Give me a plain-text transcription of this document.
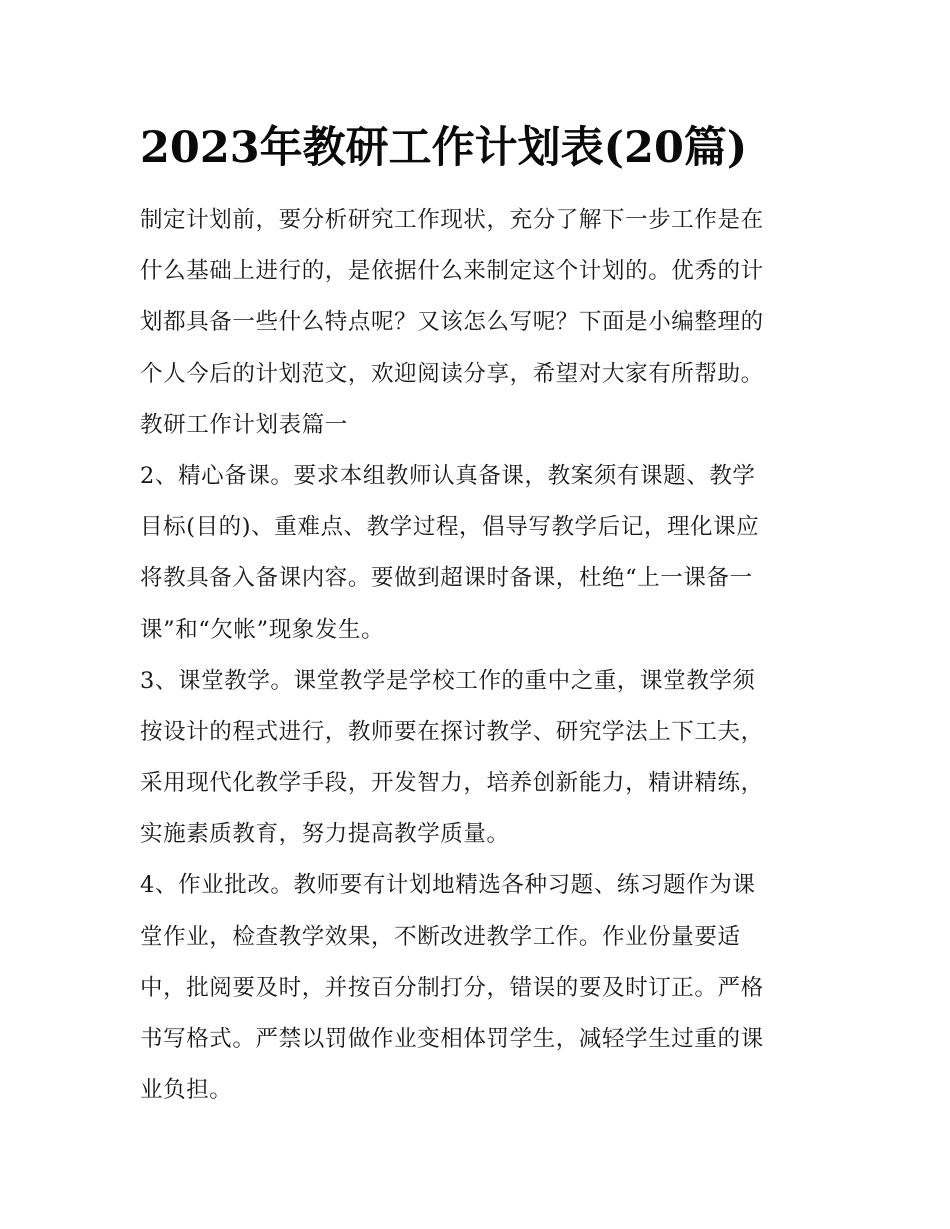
2023年教研工作计划表(20篇)
制定计划前，要分析研究工作现状，充分了解下一步工作是在
什么基础上进行的，是依据什么来制定这个计划的。优秀的计
划都具备一些什么特点呢？又该怎么写呢？下面是小编整理的
个人今后的计划范文，欢迎阅读分享，希望对大家有所帮助。
教研工作计划表篇一
2、精心备课。要求本组教师认真备课，教案须有课题、教学
目标(目的)、重难点、教学过程，倡导写教学后记，理化课应
将教具备入备课内容。要做到超课时备课，杜绝“上一课备一
课”和“欠帐”现象发生。
3、课堂教学。课堂教学是学校工作的重中之重，课堂教学须
按设计的程式进行，教师要在探讨教学、研究学法上下工夫，
采用现代化教学手段，开发智力，培养创新能力，精讲精练，
实施素质教育，努力提高教学质量。
4、作业批改。教师要有计划地精选各种习题、练习题作为课
堂作业，检查教学效果，不断改进教学工作。作业份量要适
中，批阅要及时，并按百分制打分，错误的要及时订正。严格
书写格式。严禁以罚做作业变相体罚学生，减轻学生过重的课
业负担。
